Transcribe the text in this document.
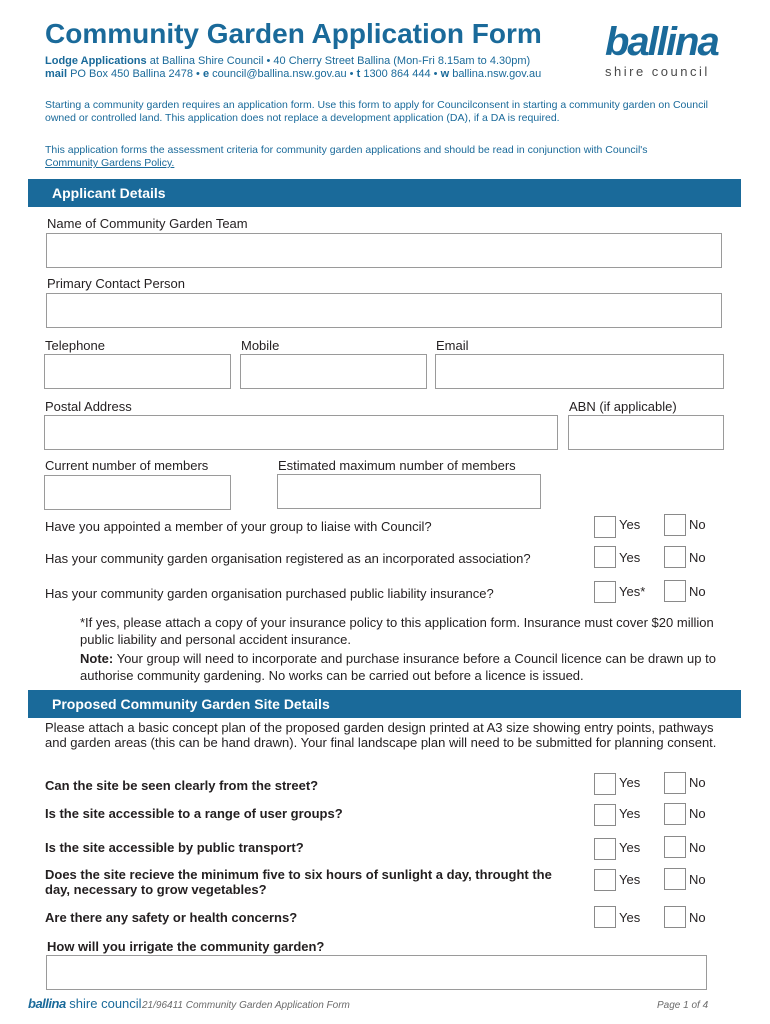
Community Garden Application Form
Lodge Applications at Ballina Shire Council • 40 Cherry Street Ballina (Mon-Fri 8.15am to 4.30pm)
mail PO Box 450 Ballina 2478 • e council@ballina.nsw.gov.au • t 1300 864 444 • w ballina.nsw.gov.au
ballina
shire council
Starting a community garden requires an application form. Use this form to apply for Councilconsent in starting a community garden on Council owned or controlled land. This application does not replace a development application (DA), if a DA is required.
This application forms the assessment criteria for community garden applications and should be read in conjunction with Council's
Community Gardens Policy.
Applicant Details
Name of Community Garden Team
Primary Contact Person
Telephone	Mobile	Email
Postal Address	ABN (if applicable)
Current number of members	Estimated maximum number of members
Have you appointed a member of your group to liaise with Council?	Yes	No
Has your community garden organisation registered as an incorporated association?	Yes	No
Has your community garden organisation purchased public liability insurance?	Yes*	No
*If yes, please attach a copy of your insurance policy to this application form. Insurance must cover $20 million public liability and personal accident insurance.
Note: Your group will need to incorporate and purchase insurance before a Council licence can be drawn up to authorise community gardening. No works can be carried out before a licence is issued.
Proposed Community Garden Site Details
Please attach a basic concept plan of the proposed garden design printed at A3 size showing entry points, pathways and garden areas (this can be hand drawn). Your final landscape plan will need to be submitted for planning consent.
Can the site be seen clearly from the street?	Yes	No
Is the site accessible to a range of user groups?	Yes	No
Is the site accessible by public transport?	Yes	No
Does the site recieve the minimum five to six hours of sunlight a day, throught the day, necessary to grow vegetables?
Yes	No
Are there any safety or health concerns?	Yes	No
How will you irrigate the community garden?
ballina shire council 21/96411 Community Garden Application Form	Page 1 of 4
